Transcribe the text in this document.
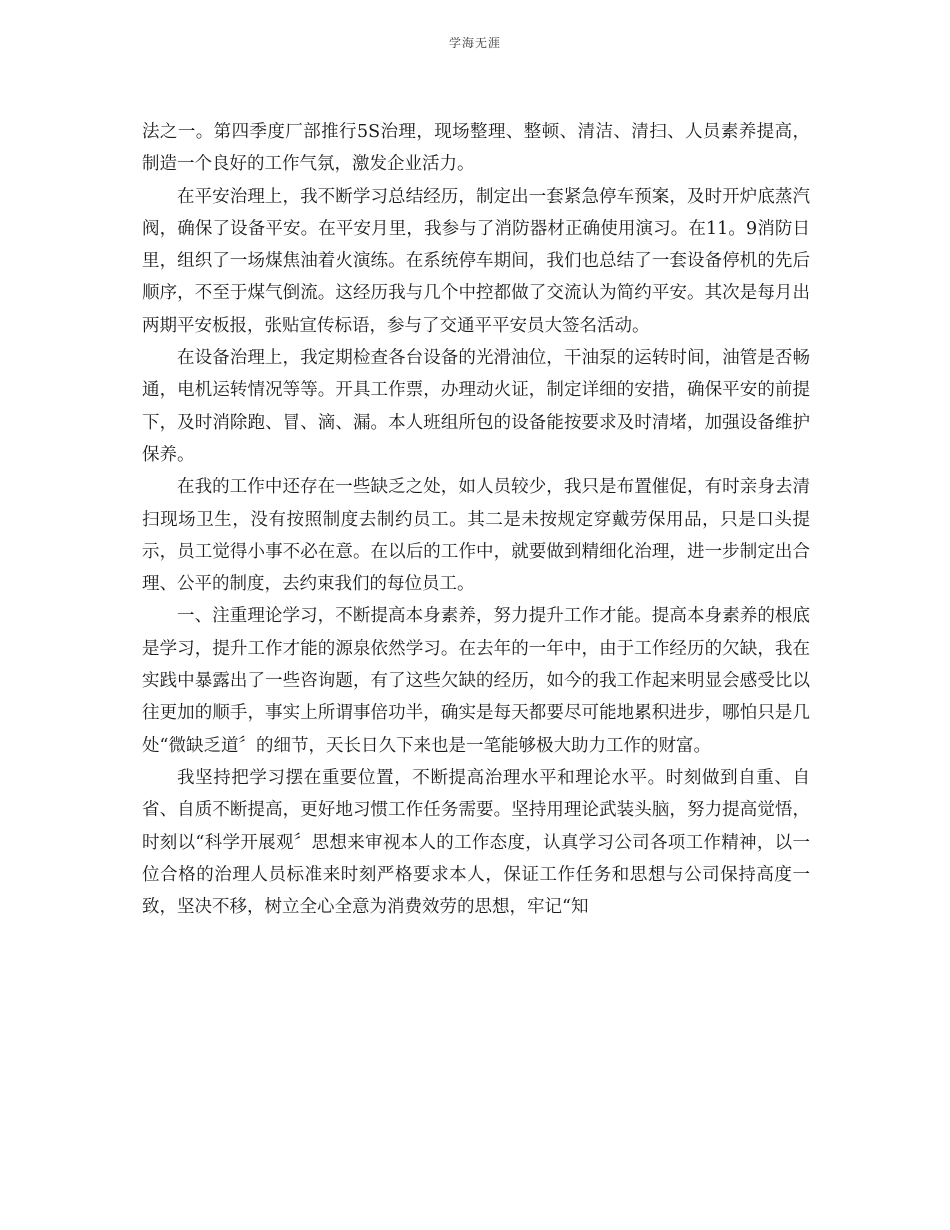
学海无涯

法之一。第四季度厂部推行5S治理，现场整理、整顿、清洁、清扫、人员素养提高，制造一个良好的工作气氛，激发企业活力。

在平安治理上，我不断学习总结经历，制定出一套紧急停车预案，及时开炉底蒸汽阀，确保了设备平安。在平安月里，我参与了消防器材正确使用演习。在11。9消防日里，组织了一场煤焦油着火演练。在系统停车期间，我们也总结了一套设备停机的先后顺序，不至于煤气倒流。这经历我与几个中控都做了交流认为简约平安。其次是每月出两期平安板报，张贴宣传标语，参与了交通平平安员大签名活动。

在设备治理上，我定期检查各台设备的光滑油位，干油泵的运转时间，油管是否畅通，电机运转情况等等。开具工作票，办理动火证，制定详细的安措，确保平安的前提下，及时消除跑、冒、滴、漏。本人班组所包的设备能按要求及时清堵，加强设备维护保养。

在我的工作中还存在一些缺乏之处，如人员较少，我只是布置催促，有时亲身去清扫现场卫生，没有按照制度去制约员工。其二是未按规定穿戴劳保用品，只是口头提示，员工觉得小事不必在意。在以后的工作中，就要做到精细化治理，进一步制定出合理、公平的制度，去约束我们的每位员工。

一、注重理论学习，不断提高本身素养，努力提升工作才能。提高本身素养的根底是学习，提升工作才能的源泉依然学习。在去年的一年中，由于工作经历的欠缺，我在实践中暴露出了一些咨询题，有了这些欠缺的经历，如今的我工作起来明显会感受比以往更加的顺手，事实上所谓事倍功半，确实是每天都要尽可能地累积进步，哪怕只是几处“微缺乏道〞的细节，天长日久下来也是一笔能够极大助力工作的财富。

我坚持把学习摆在重要位置，不断提高治理水平和理论水平。时刻做到自重、自省、自质不断提高，更好地习惯工作任务需要。坚持用理论武装头脑，努力提高觉悟，时刻以“科学开展观〞思想来审视本人的工作态度，认真学习公司各项工作精神，以一位合格的治理人员标准来时刻严格要求本人，保证工作任务和思想与公司保持高度一致，坚决不移，树立全心全意为消费效劳的思想，牢记“知
